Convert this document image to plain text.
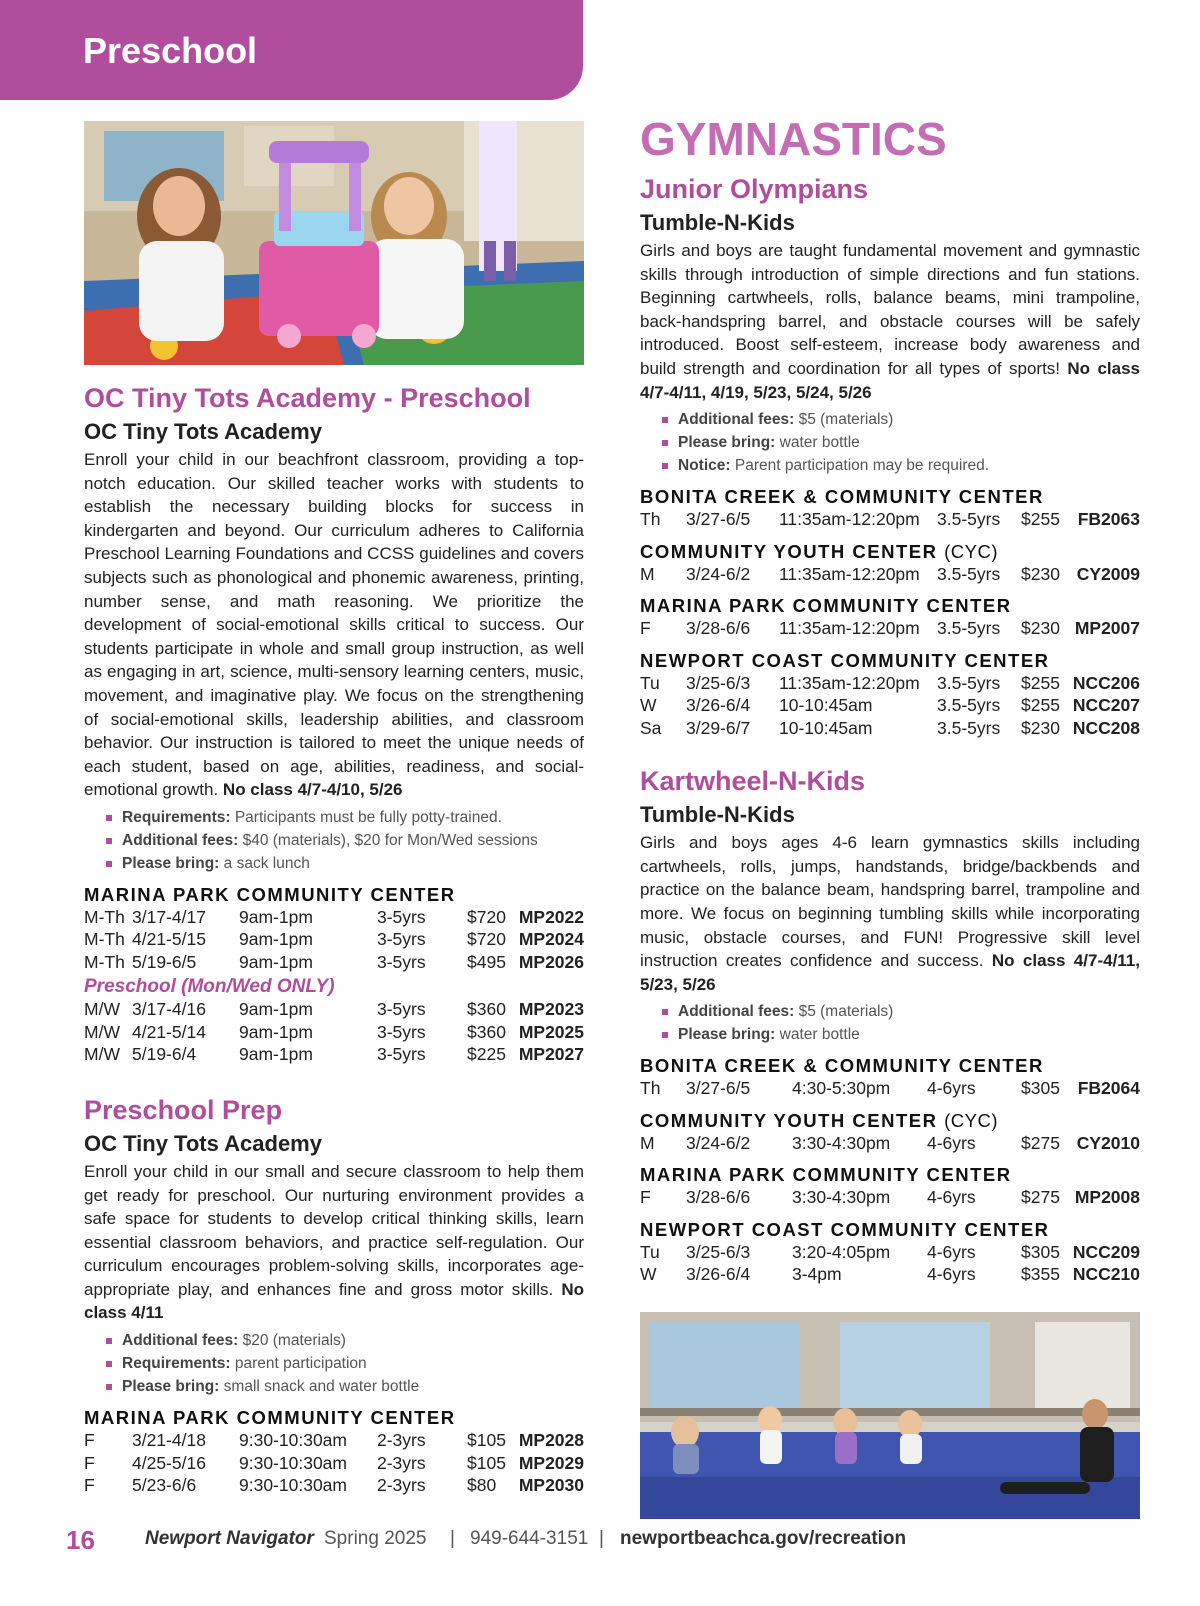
Preschool
OC Tiny Tots Academy - Preschool
OC Tiny Tots Academy

Enroll your child in our beachfront classroom, providing a top-notch education. Our skilled teacher works with students to establish the necessary building blocks for success in kindergarten and beyond. Our curriculum adheres to California Preschool Learning Foundations and CCSS guidelines and covers subjects such as phonological and phonemic awareness, printing, number sense, and math reasoning. We prioritize the development of social-emotional skills critical to success. Our students participate in whole and small group instruction, as well as engaging in art, science, multi-sensory learning centers, music, movement, and imaginative play. We focus on the strengthening of social-emotional skills, leadership abilities, and classroom behavior. Our instruction is tailored to meet the unique needs of each student, based on age, abilities, readiness, and social-emotional growth. No class 4/7-4/10, 5/26

Requirements: Participants must be fully potty-trained.
Additional fees: $40 (materials), $20 for Mon/Wed sessions
Please bring: a sack lunch
MARINA PARK COMMUNITY CENTER
M-Th 3/17-4/17 9am-1pm	3-5yrs $720 MP2022
M-Th 4/21-5/15 9am-1pm	3-5yrs $720 MP2024
M-Th 5/19-6/5 9am-1pm	3-5yrs $495 MP2026
Preschool (Mon/Wed ONLY)
M/W 3/17-4/16 9am-1pm	3-5yrs $360 MP2023
M/W 4/21-5/14 9am-1pm	3-5yrs $360 MP2025
M/W 5/19-6/4 9am-1pm	3-5yrs $225 MP2027
Preschool Prep
OC Tiny Tots Academy

Enroll your child in our small and secure classroom to help them get ready for preschool. Our nurturing environment provides a safe space for students to develop critical thinking skills, learn essential classroom behaviors, and practice self-regulation. Our curriculum encourages problem-solving skills, incorporates age-appropriate play, and enhances fine and gross motor skills. No class 4/11

Additional fees: $20 (materials)
Requirements: parent participation
Please bring: small snack and water bottle
MARINA PARK COMMUNITY CENTER
F 3/21-4/18 9:30-10:30am 2-3yrs $105 MP2028
F 4/25-5/16 9:30-10:30am 2-3yrs $105 MP2029
F 5/23-6/6 9:30-10:30am 2-3yrs $80 MP2030
GYMNASTICS
Junior Olympians
Tumble-N-Kids

Girls and boys are taught fundamental movement and gymnastic skills through introduction of simple directions and fun stations. Beginning cartwheels, rolls, balance beams, mini trampoline, back-handspring barrel, and obstacle courses will be safely introduced. Boost self-esteem, increase body awareness and build strength and coordination for all types of sports! No class 4/7-4/11, 4/19, 5/23, 5/24, 5/26

Additional fees: $5 (materials)
Please bring: water bottle
Notice: Parent participation may be required.
BONITA CREEK & COMMUNITY CENTER
Th 3/27-6/5 11:35am-12:20pm 3.5-5yrs $255 FB2063
COMMUNITY YOUTH CENTER (CYC)
M 3/24-6/2 11:35am-12:20pm 3.5-5yrs $230 CY2009
MARINA PARK COMMUNITY CENTER
F 3/28-6/6 11:35am-12:20pm 3.5-5yrs $230 MP2007
NEWPORT COAST COMMUNITY CENTER
Tu 3/25-6/3 11:35am-12:20pm 3.5-5yrs $255 NCC206
W 3/26-6/4 10-10:45am	3.5-5yrs $255 NCC207
Sa 3/29-6/7 10-10:45am	3.5-5yrs $230 NCC208
Kartwheel-N-Kids
Tumble-N-Kids

Girls and boys ages 4-6 learn gymnastics skills including cartwheels, rolls, jumps, handstands, bridge/backbends and practice on the balance beam, handspring barrel, trampoline and more. We focus on beginning tumbling skills while incorporating music, obstacle courses, and FUN! Progressive skill level instruction creates confidence and success. No class 4/7-4/11, 5/23, 5/26

Additional fees: $5 (materials)
Please bring: water bottle
BONITA CREEK & COMMUNITY CENTER
Th 3/27-6/5 4:30-5:30pm 4-6yrs	$305 FB2064
COMMUNITY YOUTH CENTER (CYC)
M 3/24-6/2 3:30-4:30pm 4-6yrs	$275 CY2010
MARINA PARK COMMUNITY CENTER
F 3/28-6/6 3:30-4:30pm 4-6yrs	$275 MP2008
NEWPORT COAST COMMUNITY CENTER
Tu 3/25-6/3 3:20-4:05pm 4-6yrs	$305 NCC209
W 3/26-6/4 3-4pm	4-6yrs	$355 NCC210
16	Newport Navigator Spring 2025 | 949-644-3151 | newportbeachca.gov/recreation
